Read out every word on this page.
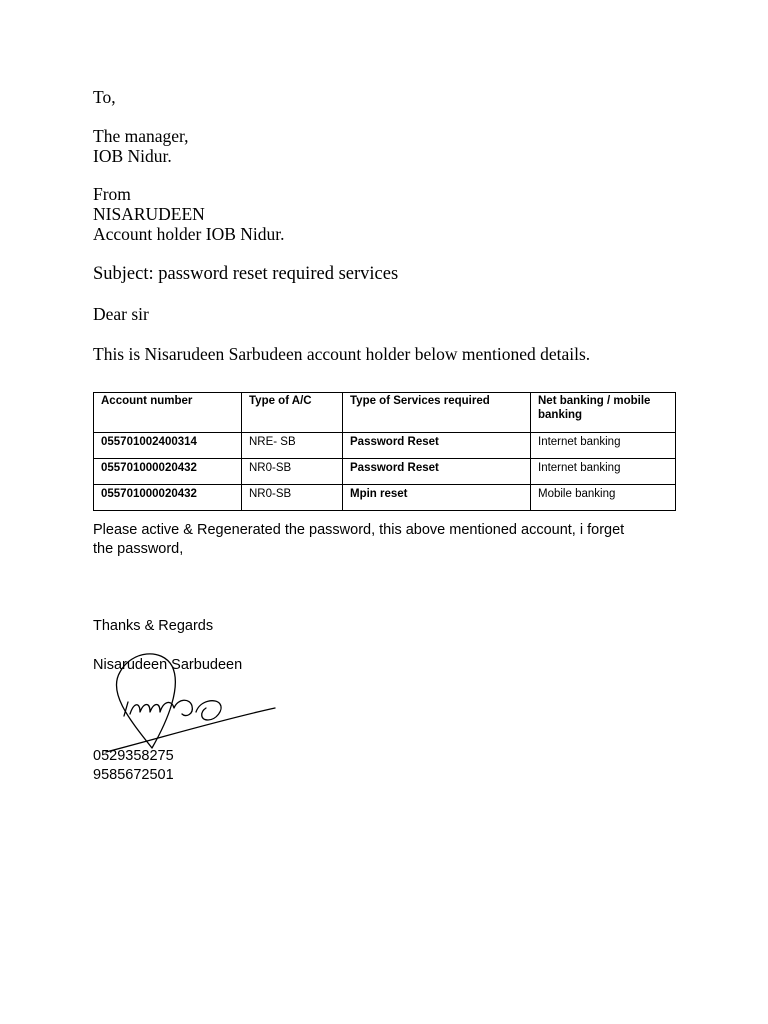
To,
The manager,
IOB Nidur.
From
NISARUDEEN
Account holder IOB Nidur.
Subject: password reset required services
Dear sir
This is Nisarudeen Sarbudeen account holder below mentioned details.
Account number	Type of A/C	Type of Services required	Net banking / mobile banking
055701002400314	NRE- SB	Password Reset	Internet banking
055701000020432	NR0-SB	Password Reset	Internet banking
055701000020432	NR0-SB	Mpin reset	Mobile banking
Please active & Regenerated the password, this above mentioned account, i forget
the password,
Thanks & Regards
Nisarudeen Sarbudeen
0529358275
9585672501
